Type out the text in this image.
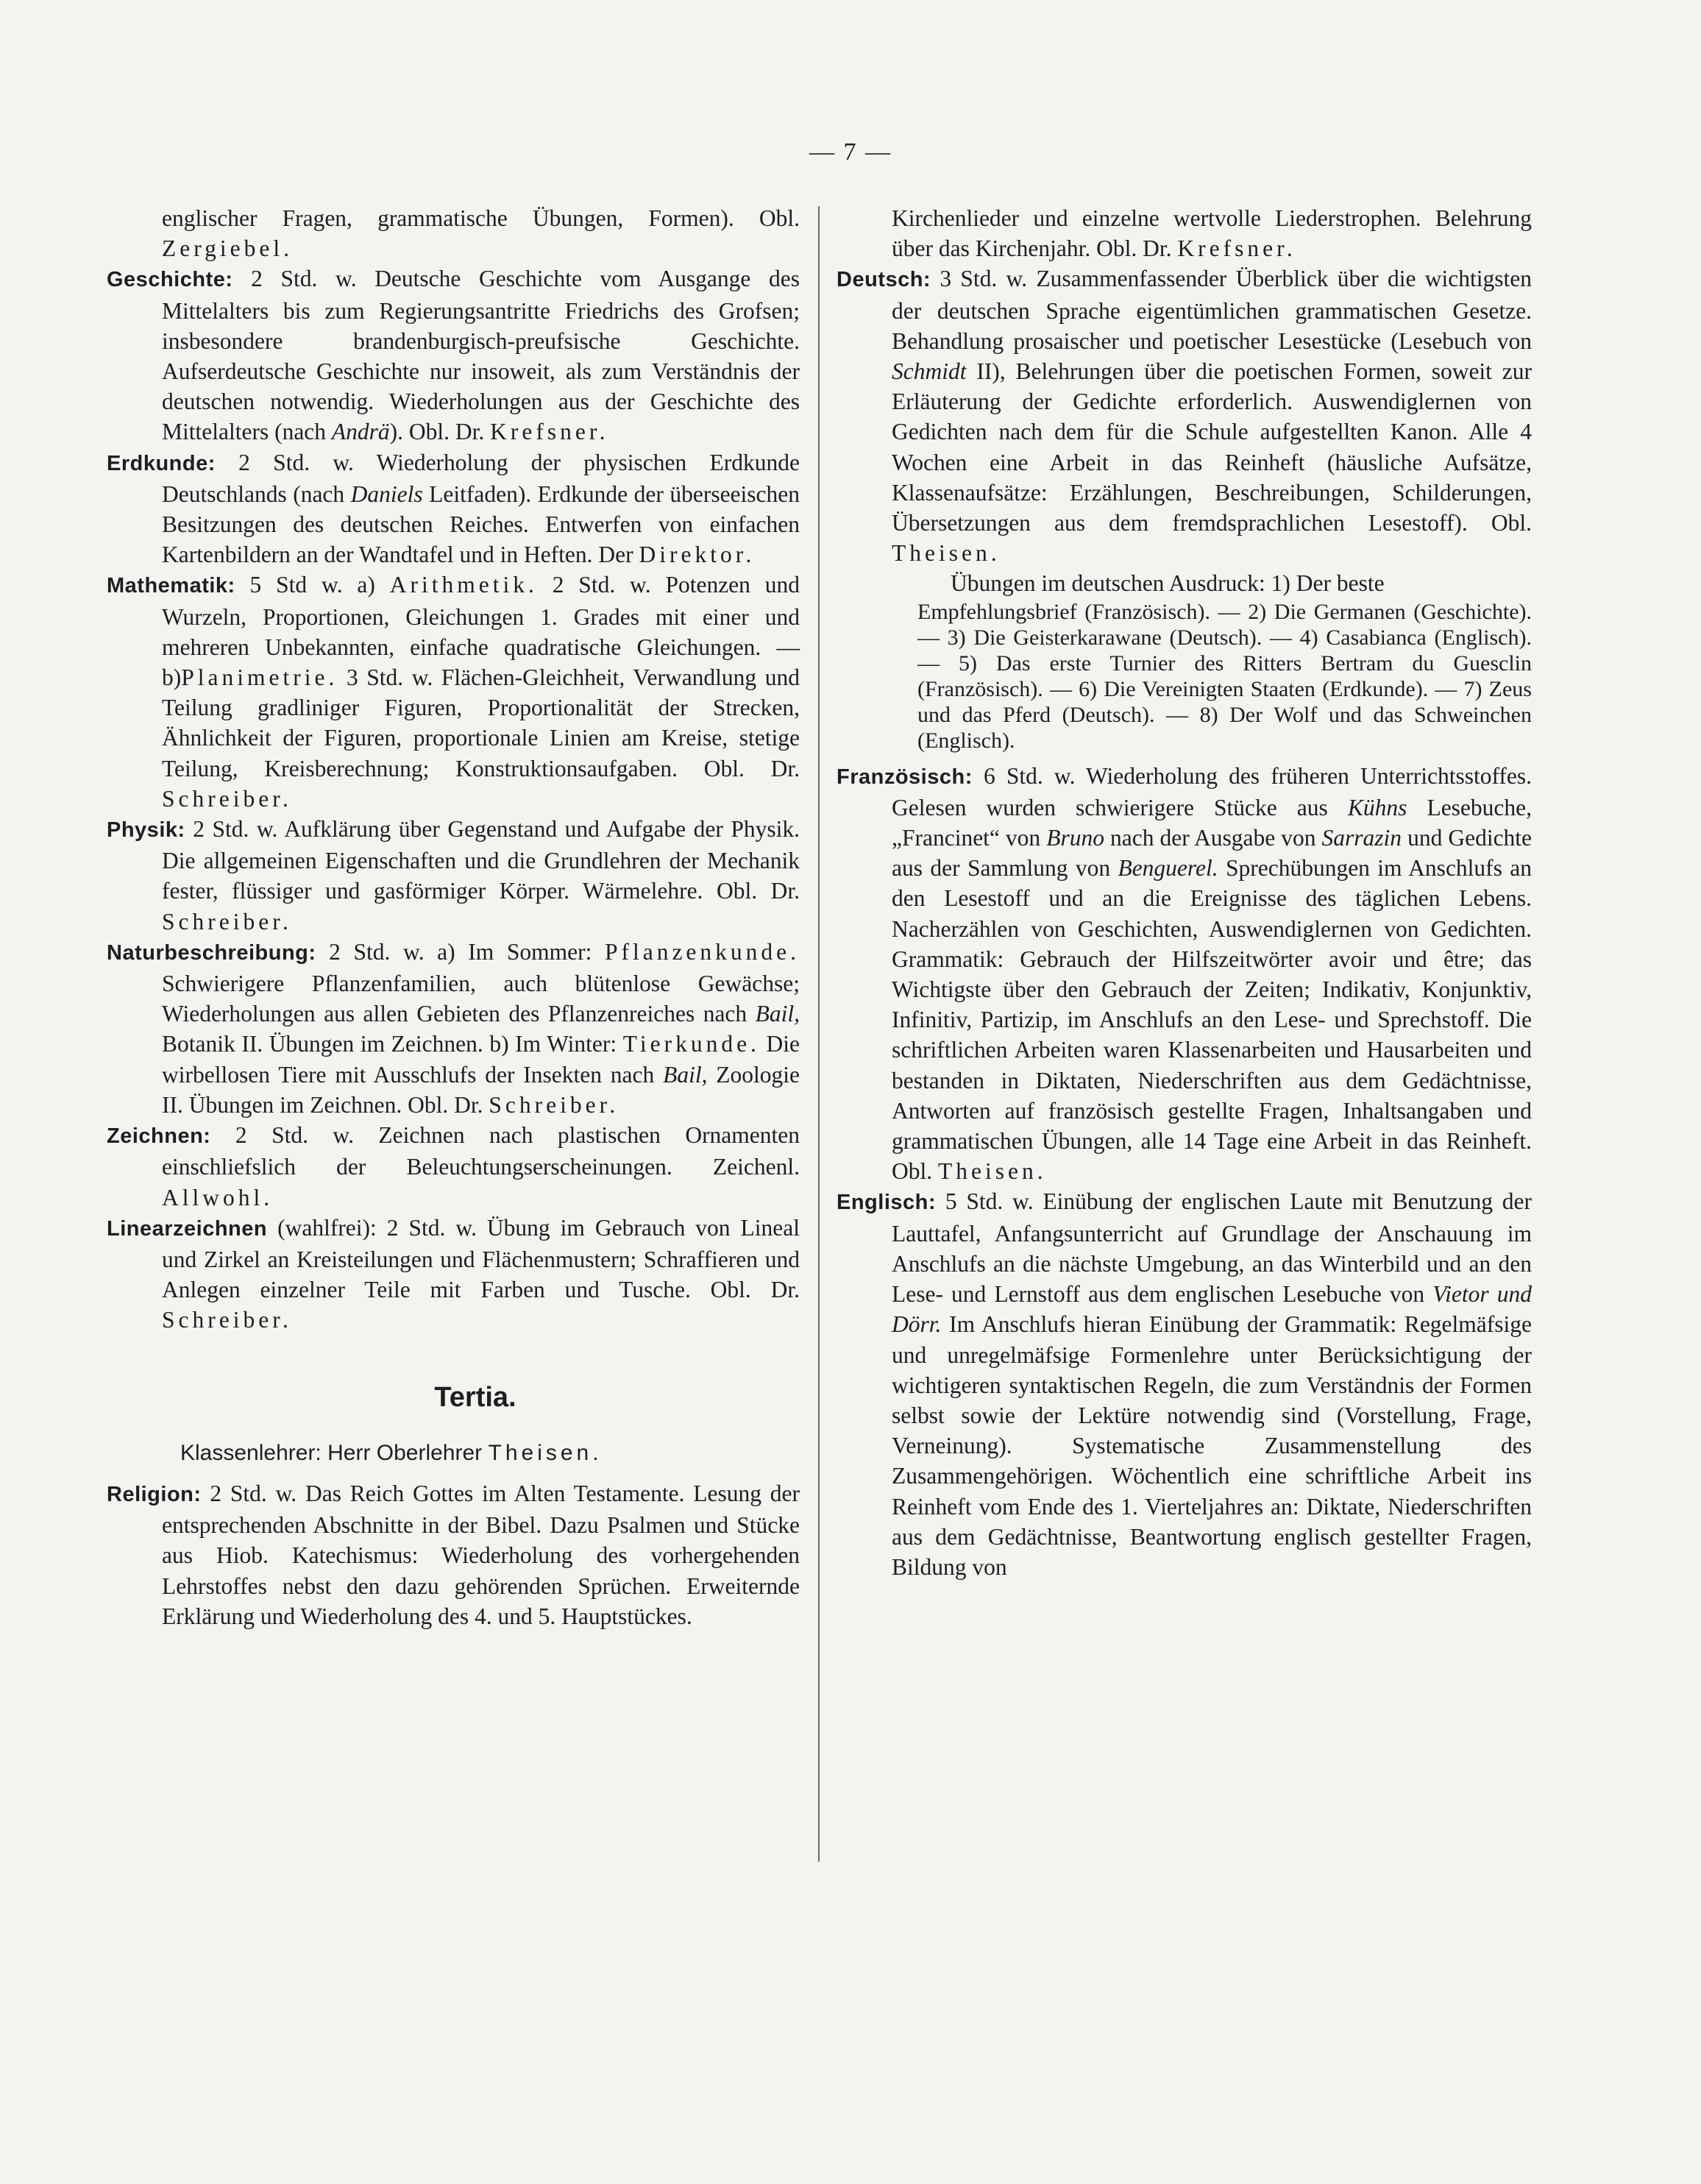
— 7 —

englischer Fragen, grammatische Übungen, Formen). Obl. Zergiebel.

Geschichte: 2 Std. w. Deutsche Geschichte vom Ausgange des Mittelalters bis zum Regierungsantritte Friedrichs des Grofsen; insbesondere brandenburgisch-preufsische Geschichte. Aufserdeutsche Geschichte nur insoweit, als zum Verständnis der deutschen notwendig. Wiederholungen aus der Geschichte des Mittelalters (nach Andrä). Obl. Dr. Krefsner.

Erdkunde: 2 Std. w. Wiederholung der physischen Erdkunde Deutschlands (nach Daniels Leitfaden). Erdkunde der überseeischen Besitzungen des deutschen Reiches. Entwerfen von einfachen Kartenbildern an der Wandtafel und in Heften. Der Direktor.

Mathematik: 5 Std w. a) Arithmetik. 2 Std. w. Potenzen und Wurzeln, Proportionen, Gleichungen 1. Grades mit einer und mehreren Unbekannten, einfache quadratische Gleichungen. — b)Planimetrie. 3 Std. w. Flächen-Gleichheit, Verwandlung und Teilung gradliniger Figuren, Proportionalität der Strecken, Ähnlichkeit der Figuren, proportionale Linien am Kreise, stetige Teilung, Kreisberechnung; Konstruktionsaufgaben. Obl. Dr. Schreiber.

Physik: 2 Std. w. Aufklärung über Gegenstand und Aufgabe der Physik. Die allgemeinen Eigenschaften und die Grundlehren der Mechanik fester, flüssiger und gasförmiger Körper. Wärmelehre. Obl. Dr. Schreiber.

Naturbeschreibung: 2 Std. w. a) Im Sommer: Pflanzenkunde. Schwierigere Pflanzenfamilien, auch blütenlose Gewächse; Wiederholungen aus allen Gebieten des Pflanzenreiches nach Bail, Botanik II. Übungen im Zeichnen. b) Im Winter: Tierkunde. Die wirbellosen Tiere mit Ausschlufs der Insekten nach Bail, Zoologie II. Übungen im Zeichnen. Obl. Dr. Schreiber.

Zeichnen: 2 Std. w. Zeichnen nach plastischen Ornamenten einschliefslich der Beleuchtungserscheinungen. Zeichenl. Allwohl.

Linearzeichnen (wahlfrei): 2 Std. w. Übung im Gebrauch von Lineal und Zirkel an Kreisteilungen und Flächenmustern; Schraffieren und Anlegen einzelner Teile mit Farben und Tusche. Obl. Dr. Schreiber.

Tertia.

Klassenlehrer: Herr Oberlehrer Theisen.

Religion: 2 Std. w. Das Reich Gottes im Alten Testamente. Lesung der entsprechenden Abschnitte in der Bibel. Dazu Psalmen und Stücke aus Hiob. Katechismus: Wiederholung des vorhergehenden Lehrstoffes nebst den dazu gehörenden Sprüchen. Erweiternde Erklärung und Wiederholung des 4. und 5. Hauptstückes.

Kirchenlieder und einzelne wertvolle Liederstrophen. Belehrung über das Kirchenjahr. Obl. Dr. Krefsner.

Deutsch: 3 Std. w. Zusammenfassender Überblick über die wichtigsten der deutschen Sprache eigentümlichen grammatischen Gesetze. Behandlung prosaischer und poetischer Lesestücke (Lesebuch von Schmidt II), Belehrungen über die poetischen Formen, soweit zur Erläuterung der Gedichte erforderlich. Auswendiglernen von Gedichten nach dem für die Schule aufgestellten Kanon. Alle 4 Wochen eine Arbeit in das Reinheft (häusliche Aufsätze, Klassenaufsätze: Erzählungen, Beschreibungen, Schilderungen, Übersetzungen aus dem fremdsprachlichen Lesestoff). Obl. Theisen.

Übungen im deutschen Ausdruck: 1) Der beste

Empfehlungsbrief (Französisch). — 2) Die Germanen (Geschichte). — 3) Die Geisterkarawane (Deutsch). — 4) Casabianca (Englisch). — 5) Das erste Turnier des Ritters Bertram du Guesclin (Französisch). — 6) Die Vereinigten Staaten (Erdkunde). — 7) Zeus und das Pferd (Deutsch). — 8) Der Wolf und das Schweinchen (Englisch).

Französisch: 6 Std. w. Wiederholung des früheren Unterrichtsstoffes. Gelesen wurden schwierigere Stücke aus Kühns Lesebuche, „Francinet“ von Bruno nach der Ausgabe von Sarrazin und Gedichte aus der Sammlung von Benguerel. Sprechübungen im Anschlufs an den Lesestoff und an die Ereignisse des täglichen Lebens. Nacherzählen von Geschichten, Auswendiglernen von Gedichten. Grammatik: Gebrauch der Hilfszeitwörter avoir und être; das Wichtigste über den Gebrauch der Zeiten; Indikativ, Konjunktiv, Infinitiv, Partizip, im Anschlufs an den Lese- und Sprechstoff. Die schriftlichen Arbeiten waren Klassenarbeiten und Hausarbeiten und bestanden in Diktaten, Niederschriften aus dem Gedächtnisse, Antworten auf französisch gestellte Fragen, Inhaltsangaben und grammatischen Übungen, alle 14 Tage eine Arbeit in das Reinheft. Obl. Theisen.

Englisch: 5 Std. w. Einübung der englischen Laute mit Benutzung der Lauttafel, Anfangsunterricht auf Grundlage der Anschauung im Anschlufs an die nächste Umgebung, an das Winterbild und an den Lese- und Lernstoff aus dem englischen Lesebuche von Vietor und Dörr. Im Anschlufs hieran Einübung der Grammatik: Regelmäfsige und unregelmäfsige Formenlehre unter Berücksichtigung der wichtigeren syntaktischen Regeln, die zum Verständnis der Formen selbst sowie der Lektüre notwendig sind (Vorstellung, Frage, Verneinung). Systematische Zusammenstellung des Zusammengehörigen. Wöchentlich eine schriftliche Arbeit ins Reinheft vom Ende des 1. Vierteljahres an: Diktate, Niederschriften aus dem Gedächtnisse, Beantwortung englisch gestellter Fragen, Bildung von
